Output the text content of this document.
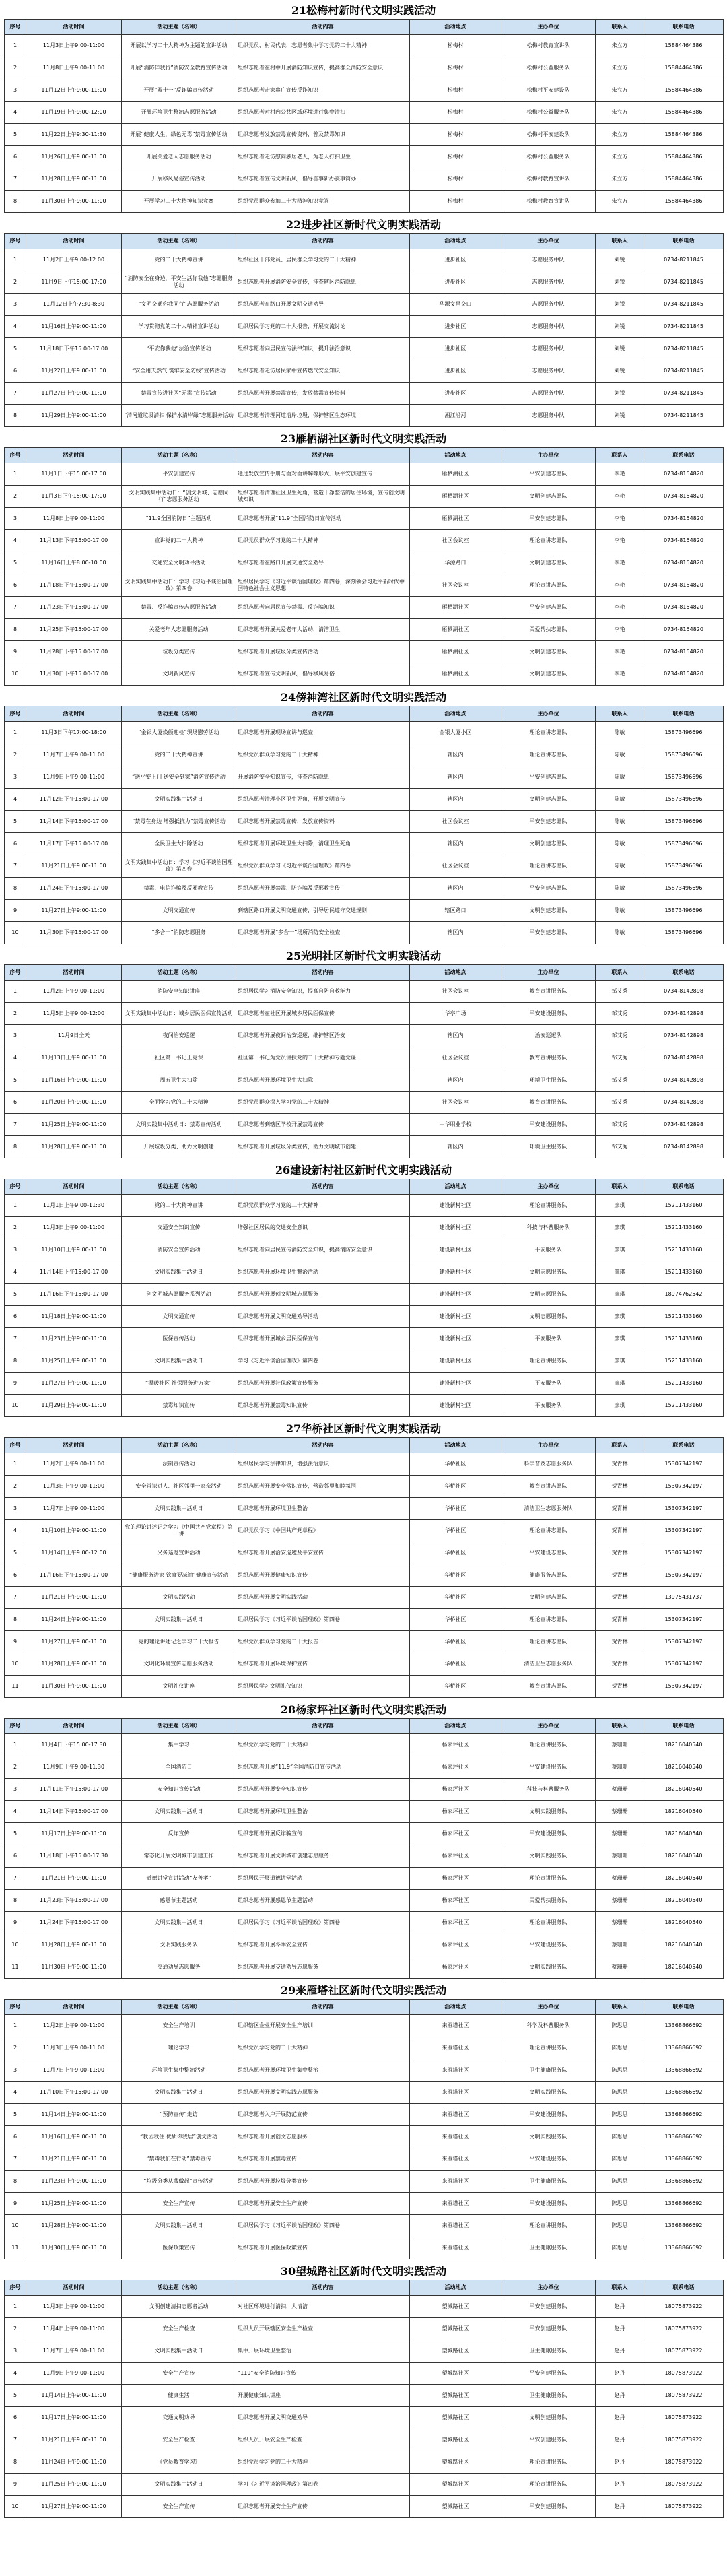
21松梅村新时代文明实践活动
序号	活动时间	活动主题（名称）	活动内容	活动地点	主办单位	联系人	联系电话
1	11月3日上午9:00-11:00	开展以学习二十大精神为主题的宣讲活动	组织党员、村民代表，志愿者集中学习党的二十大精神	松梅村	松梅村教育宣讲队	朱立方	15884464386
2	11月8日上午9:00-11:00	开展“消防伴我行”消防安全教育宣传活动	组织志愿者在村中开展消防知识宣传，提高群众消防安全意识	松梅村	松梅村公益服务队	朱立方	15884464386
3	11月12日上午9:00-11:00	开展“双十一”反诈骗宣传活动	组织志愿者走家串户宣传反诈知识	松梅村	松梅村平安建设队	朱立方	15884464386
4	11月19日上午9:00-12:00	开展环境卫生整治志愿服务活动	组织志愿者对村内公共区域环境进行集中清扫	松梅村	松梅村公益服务队	朱立方	15884464386
5	11月22日上午9:30-11:30	开展“健康人生，绿色无毒”禁毒宣传活动	组织志愿者发放禁毒宣传资料，普及禁毒知识	松梅村	松梅村平安建设队	朱立方	15884464386
6	11月26日上午9:00-11:00	开展关爱老人志愿服务活动	组织志愿者走访慰问独居老人，为老人打扫卫生	松梅村	松梅村公益服务队	朱立方	15884464386
7	11月28日上午9:00-11:00	开展移风易俗宣传活动	组织志愿者宣传文明新风，倡导喜事新办丧事简办	松梅村	松梅村教育宣讲队	朱立方	15884464386
8	11月30日上午9:00-11:00	开展学习二十大精神知识竞赛	组织党员群众参加二十大精神知识竞答	松梅村	松梅村教育宣讲队	朱立方	15884464386
22进步社区新时代文明实践活动
序号	活动时间	活动主题（名称）	活动内容	活动地点	主办单位	联系人	联系电话
1	11月2日上午9:00-12:00	党的二十大精神宣讲	组织社区干部党员、居民群众学习党的二十大精神	进步社区	志愿服务中队	刘锐	0734-8211845
2	11月9日下午15:00-17:00	“消防安全在身边，平安生活你我他”志愿服务活动	组织志愿者开展消防安全宣传，排查辖区消防隐患	进步社区	志愿服务中队	刘锐	0734-8211845
3	11月12日上午7:30-8:30	“文明交通你我同行”志愿服务活动	组织志愿者在路口开展文明交通劝导	华源文昌交口	志愿服务中队	刘锐	0734-8211845
4	11月16日上午9:00-11:00	学习贯彻党的二十大精神宣讲活动	组织居民学习党的二十大报告，开展交流讨论	进步社区	志愿服务中队	刘锐	0734-8211845
5	11月18日下午15:00-17:00	“平安你我他”法治宣传活动	组织志愿者向居民宣传法律知识，提升法治意识	进步社区	志愿服务中队	刘锐	0734-8211845
6	11月22日上午9:00-11:00	“安全用天然气 筑牢安全防线”宣传活动	组织志愿者走访居民家中宣传燃气安全知识	进步社区	志愿服务中队	刘锐	0734-8211845
7	11月27日上午9:00-11:00	禁毒宣传进社区“无毒”宣传活动	组织志愿者开展禁毒宣传，发放禁毒宣传资料	进步社区	志愿服务中队	刘锐	0734-8211845
8	11月29日上午9:00-11:00	“清河道垃圾清扫 保护水清岸绿”志愿服务活动	组织志愿者清理河道沿岸垃圾，保护辖区生态环境	湘江沿河	志愿服务中队	刘锐	0734-8211845
23雁栖湖社区新时代文明实践活动
序号	活动时间	活动主题（名称）	活动内容	活动地点	主办单位	联系人	联系电话
1	11月1日下午15:00-17:00	平安创建宣传	通过发放宣传手册与面对面讲解等形式开展平安创建宣传	雁栖湖社区	平安创建志愿队	李艳	0734-8154820
2	11月3日下午15:00-17:00	文明实践集中活动日：“创文明城、志愿同行”志愿服务活动	组织志愿者清理社区卫生死角，营造干净整洁的居住环境，宣传创文明城知识	雁栖湖社区	文明创建志愿队	李艳	0734-8154820
3	11月8日上午9:00-11:00	“11.9全国消防日”主题活动	组织志愿者开展“11.9”全国消防日宣传活动	雁栖湖社区	平安创建志愿队	李艳	0734-8154820
4	11月13日下午15:00-17:00	宣讲党的二十大精神	组织党员群众学习党的二十大精神	社区会议室	理论宣讲志愿队	李艳	0734-8154820
5	11月16日上午8:00-10:00	交通安全文明劝导活动	组织志愿者在路口开展交通安全劝导	华源路口	文明创建志愿队	李艳	0734-8154820
6	11月18日下午15:00-17:00	文明实践集中活动日：学习《习近平谈治国理政》第四卷	组织居民学习《习近平谈治国理政》第四卷，深刻领会习近平新时代中国特色社会主义思想	社区会议室	理论宣讲志愿队	李艳	0734-8154820
7	11月23日下午15:00-17:00	禁毒、反诈骗宣传志愿服务活动	组织志愿者向居民宣传禁毒、反诈骗知识	雁栖湖社区	平安创建志愿队	李艳	0734-8154820
8	11月25日下午15:00-17:00	关爱老年人志愿服务活动	组织志愿者开展关爱老年人活动，清洁卫生	雁栖湖社区	关爱帮扶志愿队	李艳	0734-8154820
9	11月28日下午15:00-17:00	垃圾分类宣传	组织志愿者开展垃圾分类宣传活动	雁栖湖社区	文明创建志愿队	李艳	0734-8154820
10	11月30日下午15:00-17:00	文明新风宣传	组织志愿者宣传文明新风，倡导移风易俗	雁栖湖社区	文明创建志愿队	李艳	0734-8154820
24傍神湾社区新时代文明实践活动
序号	活动时间	活动主题（名称）	活动内容	活动地点	主办单位	联系人	联系电话
1	11月3日下午17:00-18:00	“金银大厦焕颜迎检”现场慰劳活动	组织志愿者开展现场宣讲与巡查	金银大厦小区	理论宣讲志愿队	陈敏	15873496696
2	11月7日上午9:00-11:00	党的二十大精神宣讲	组织党员群众学习党的二十大精神	辖区内	理论宣讲志愿队	陈敏	15873496696
3	11月9日上午9:00-11:00	“送平安上门 送安全到家”消防宣传活动	开展消防安全知识宣传，排查消防隐患	辖区内	平安创建志愿队	陈敏	15873496696
4	11月12日下午15:00-17:00	文明实践集中活动日	组织志愿者清理小区卫生死角，开展文明宣传	辖区内	文明创建志愿队	陈敏	15873496696
5	11月14日下午15:00-17:00	“禁毒在身边 增强抵抗力”禁毒宣传活动	组织志愿者开展禁毒宣传，发放宣传资料	社区会议室	平安创建志愿队	陈敏	15873496696
6	11月17日下午15:00-17:00	全民卫生大扫除活动	组织志愿者开展环境卫生大扫除，清理卫生死角	辖区内	文明创建志愿队	陈敏	15873496696
7	11月21日上午9:00-11:00	文明实践集中活动日：学习《习近平谈治国理政》第四卷	组织党员群众学习《习近平谈治国理政》第四卷	社区会议室	理论宣讲志愿队	陈敏	15873496696
8	11月24日下午15:00-17:00	禁毒、电信诈骗及反邪教宣传	组织志愿者开展禁毒、防诈骗及反邪教宣传	辖区内	平安创建志愿队	陈敏	15873496696
9	11月27日上午9:00-11:00	文明交通宣传	到辖区路口开展文明交通宣传，引导居民遵守交通规则	辖区路口	文明创建志愿队	陈敏	15873496696
10	11月30日下午15:00-17:00	“多合一”消防志愿服务	组织志愿者开展“多合一”场所消防安全检查	辖区内	平安创建志愿队	陈敏	15873496696
25光明社区新时代文明实践活动
序号	活动时间	活动主题（名称）	活动内容	活动地点	主办单位	联系人	联系电话
1	11月2日上午9:00-11:00	消防安全知识讲座	组织居民学习消防安全知识，提高自防自救能力	社区会议室	教育宣讲服务队	邹艾秀	0734-8142898
2	11月5日上午9:00-12:00	文明实践集中活动日：城乡居民医保宣传活动	组织志愿者在社区开展城乡居民医保宣传	华亭广场	平安建设服务队	邹艾秀	0734-8142898
3	11月9日全天	夜间治安巡逻	组织志愿者开展夜间治安巡逻，维护辖区治安	辖区内	治安巡逻队	邹艾秀	0734-8142898
4	11月13日上午9:00-11:00	社区第一书记上党课	社区第一书记为党员讲授党的二十大精神专题党课	社区会议室	教育宣讲服务队	邹艾秀	0734-8142898
5	11月16日上午9:00-11:00	周五卫生大扫除	组织志愿者开展环境卫生大扫除	辖区内	环境卫生服务队	邹艾秀	0734-8142898
6	11月20日上午9:00-11:00	全面学习党的二十大精神	组织党员群众深入学习党的二十大精神	社区会议室	教育宣讲服务队	邹艾秀	0734-8142898
7	11月25日上午9:00-11:00	文明实践集中活动日：禁毒宣传活动	组织志愿者到辖区学校开展禁毒宣传	中华职业学校	平安建设服务队	邹艾秀	0734-8142898
8	11月28日上午9:00-11:00	开展垃圾分类、助力文明创建	组织志愿者开展垃圾分类宣传，助力文明城市创建	辖区内	环境卫生服务队	邹艾秀	0734-8142898
26建设新村社区新时代文明实践活动
序号	活动时间	活动主题（名称）	活动内容	活动地点	主办单位	联系人	联系电话
1	11月1日上午9:00-11:30	党的二十大精神宣讲	组织党员群众学习党的二十大精神	建设新村社区	理论宣讲服务队	廖琪	15211433160
2	11月3日上午9:00-11:00	交通安全知识宣传	增强社区居民的交通安全意识	建设新村社区	科技与科普服务队	廖琪	15211433160
3	11月10日上午9:00-11:00	消防安全宣传活动	组织志愿者向居民宣传消防安全知识，提高消防安全意识	建设新村社区	平安服务队	廖琪	15211433160
4	11月14日下午15:00-17:00	文明实践集中活动日	组织志愿者开展环境卫生整治活动	建设新村社区	文明志愿服务队	廖琪	15211433160
5	11月16日下午15:00-17:00	创文明城志愿服务系列活动	组织志愿者开展创文明城志愿服务	建设新村社区	文明志愿服务队	廖琪	18974762542
6	11月18日上午9:00-11:00	文明交通宣传	组织志愿者开展文明交通劝导活动	建设新村社区	文明志愿服务队	廖琪	15211433160
7	11月23日上午9:00-11:00	医保宣传活动	组织志愿者开展城乡居民医保宣传	建设新村社区	平安服务队	廖琪	15211433160
8	11月25日上午9:00-11:00	文明实践集中活动日	学习《习近平谈治国理政》第四卷	建设新村社区	理论宣讲服务队	廖琪	15211433160
9	11月27日上午9:00-11:00	“温暖社区 社保服务进万家”	组织志愿者开展社保政策宣传服务	建设新村社区	平安服务队	廖琪	15211433160
10	11月29日上午9:00-11:00	禁毒知识宣传	组织志愿者开展禁毒知识宣传	建设新村社区	平安服务队	廖琪	15211433160
27华桥社区新时代文明实践活动
序号	活动时间	活动主题（名称）	活动内容	活动地点	主办单位	联系人	联系电话
1	11月2日上午9:00-11:00	法制宣传活动	组织居民学习法律知识，增强法治意识	华桥社区	科学普及志愿服务队	贺青林	15307342197
2	11月3日上午9:00-11:00	安全常识进人、社区邻里一家亲活动	组织志愿者开展安全常识宣传，营造邻里和睦氛围	华桥社区	教育宣讲志愿队	贺青林	15307342197
3	11月7日上午9:00-11:00	文明实践集中活动日	组织志愿者开展环境卫生整治	华桥社区	清洁卫生志愿服务队	贺青林	15307342197
4	11月10日上午9:00-11:00	党的理论讲述记之学习《中国共产党章程》第一讲	组织党员学习《中国共产党章程》	华桥社区	理论宣讲志愿队	贺青林	15307342197
5	11月14日上午9:00-12:00	义务巡逻宣讲活动	组织志愿者开展治安巡逻及平安宣传	华桥社区	平安建设志愿队	贺青林	15307342197
6	11月16日下午15:00-17:00	“健康服务进家 饮食要减油”健康宣传活动	组织志愿者开展健康知识宣传	华桥社区	健康服务志愿队	贺青林	15307342197
7	11月21日上午9:00-11:00	文明实践活动	组织志愿者开展文明实践活动	华桥社区	文明创建志愿队	贺青林	13975431737
8	11月24日上午9:00-11:00	文明实践集中活动日	组织居民学习《习近平谈治国理政》第四卷	华桥社区	理论宣讲志愿队	贺青林	15307342197
9	11月27日上午9:00-11:00	党的理论讲述记之学习二十大报告	组织党员群众学习党的二十大报告	华桥社区	理论宣讲志愿队	贺青林	15307342197
10	11月28日上午9:00-11:00	文明化环境宣传志愿服务活动	组织志愿者开展环境保护宣传	华桥社区	清洁卫生志愿服务队	贺青林	15307342197
11	11月30日上午9:00-11:00	文明礼仪讲座	组织居民学习文明礼仪知识	华桥社区	教育宣讲志愿队	贺青林	15307342197
28杨家坪社区新时代文明实践活动
序号	活动时间	活动主题（名称）	活动内容	活动地点	主办单位	联系人	联系电话
1	11月4日下午15:00-17:30	集中学习	组织党员学习党的二十大精神	杨家坪社区	理论宣讲服务队	蔡珊珊	18216040540
2	11月9日上午9:00-11:30	全国消防日	组织志愿者开展“11.9”全国消防日宣传活动	杨家坪社区	平安建设服务队	蔡珊珊	18216040540
3	11月11日下午15:00-17:00	安全知识宣传活动	组织志愿者开展安全知识宣传	杨家坪社区	科技与科普服务队	蔡珊珊	18216040540
4	11月14日下午15:00-17:00	文明实践集中活动日	组织志愿者开展环境卫生整治	杨家坪社区	文明实践服务队	蔡珊珊	18216040540
5	11月17日上午9:00-11:00	反诈宣传	组织志愿者开展反诈骗宣传	杨家坪社区	平安建设服务队	蔡珊珊	18216040540
6	11月18日下午15:00-17:30	常态化开展文明城市创建工作	组织志愿者开展文明城市创建志愿服务	杨家坪社区	文明实践服务队	蔡珊珊	18216040540
7	11月21日上午9:00-11:00	道德讲堂宣讲活动“友善孝”	组织居民开展道德讲堂活动	杨家坪社区	理论宣讲服务队	蔡珊珊	18216040540
8	11月23日下午15:00-17:00	感恩节主题活动	组织志愿者开展感恩节主题活动	杨家坪社区	关爱帮扶服务队	蔡珊珊	18216040540
9	11月24日下午15:00-17:00	文明实践集中活动日	组织居民学习《习近平谈治国理政》第四卷	杨家坪社区	理论宣讲服务队	蔡珊珊	18216040540
10	11月28日上午9:00-11:00	文明实践服务队	组织志愿者开展冬季安全宣传	杨家坪社区	平安建设服务队	蔡珊珊	18216040540
11	11月30日上午9:00-11:00	交通劝导志愿服务	组织志愿者开展交通劝导志愿服务	杨家坪社区	文明实践服务队	蔡珊珊	18216040540
29来雁塔社区新时代文明实践活动
序号	活动时间	活动主题（名称）	活动内容	活动地点	主办单位	联系人	联系电话
1	11月2日上午9:00-11:00	安全生产培训	组织辖区企业开展安全生产培训	来雁塔社区	科学及科普服务队	陈思思	13368866692
2	11月3日上午9:00-11:00	理论学习	组织党员学习党的二十大精神	来雁塔社区	理论宣讲服务队	陈思思	13368866692
3	11月7日上午9:00-11:00	环境卫生集中整治活动	组织志愿者开展环境卫生集中整治	来雁塔社区	卫生健康服务队	陈思思	13368866692
4	11月10日下午15:00-17:00	文明实践集中活动日	组织志愿者开展文明实践志愿服务	来雁塔社区	文明实践服务队	陈思思	13368866692
5	11月14日上午9:00-11:00	“预防宣传”走访	组织志愿者入户开展防范宣传	来雁塔社区	平安建设服务队	陈思思	13368866692
6	11月16日上午9:00-11:00	“我园我住 优质你我居”创文活动	组织志愿者开展创文志愿服务	来雁塔社区	文明实践服务队	陈思思	13368866692
7	11月21日上午9:00-11:00	“禁毒我们在行动”禁毒宣传	组织志愿者开展禁毒宣传	来雁塔社区	平安建设服务队	陈思思	13368866692
8	11月23日上午9:00-11:00	“垃圾分类从我做起”宣传活动	组织志愿者开展垃圾分类宣传	来雁塔社区	卫生健康服务队	陈思思	13368866692
9	11月25日上午9:00-11:00	安全生产宣传	组织志愿者开展安全生产宣传	来雁塔社区	平安建设服务队	陈思思	13368866692
10	11月28日上午9:00-11:00	文明实践集中活动日	组织居民学习《习近平谈治国理政》第四卷	来雁塔社区	理论宣讲服务队	陈思思	13368866692
11	11月30日上午9:00-11:00	医保政策宣传	组织志愿者开展医保政策宣传	来雁塔社区	卫生健康服务队	陈思思	13368866692
30望城路社区新时代文明实践活动
序号	活动时间	活动主题（名称）	活动内容	活动地点	主办单位	联系人	联系电话
1	11月3日上午9:00-11:00	文明创建清扫志愿者活动	对社区环境进行清扫，大清洁	望城路社区	平安创建服务队	赵丹	18075873922
2	11月4日上午9:00-11:00	安全生产检查	组织人员开展辖区安全生产检查	望城路社区	平安创建服务队	赵丹	18075873922
3	11月7日上午9:00-11:00	文明实践集中活动日	集中开展环境卫生整治	望城路社区	卫生健康服务队	赵丹	18075873922
4	11月9日上午9:00-11:00	安全生产宣传	“119”安全消防知识宣传	望城路社区	平安创建服务队	赵丹	18075873922
5	11月14日上午9:00-11:00	健康生活	开展健康知识讲座	望城路社区	卫生健康服务队	赵丹	18075873922
6	11月17日上午9:00-11:00	交通文明劝导	组织志愿者开展文明交通劝导	望城路社区	文明创建服务队	赵丹	18075873922
7	11月21日上午9:00-11:00	安全生产检查	组织人员开展安全生产检查	望城路社区	平安创建服务队	赵丹	18075873922
8	11月24日上午9:00-11:00	《党员教育学习》	组织党员学习党的二十大精神	望城路社区	理论宣讲服务队	赵丹	18075873922
9	11月25日上午9:00-11:00	文明实践集中活动日	学习《习近平谈治国理政》第四卷	望城路社区	理论宣讲服务队	赵丹	18075873922
10	11月27日上午9:00-11:00	安全生产宣传	组织志愿者开展安全生产宣传	望城路社区	平安创建服务队	赵丹	18075873922
